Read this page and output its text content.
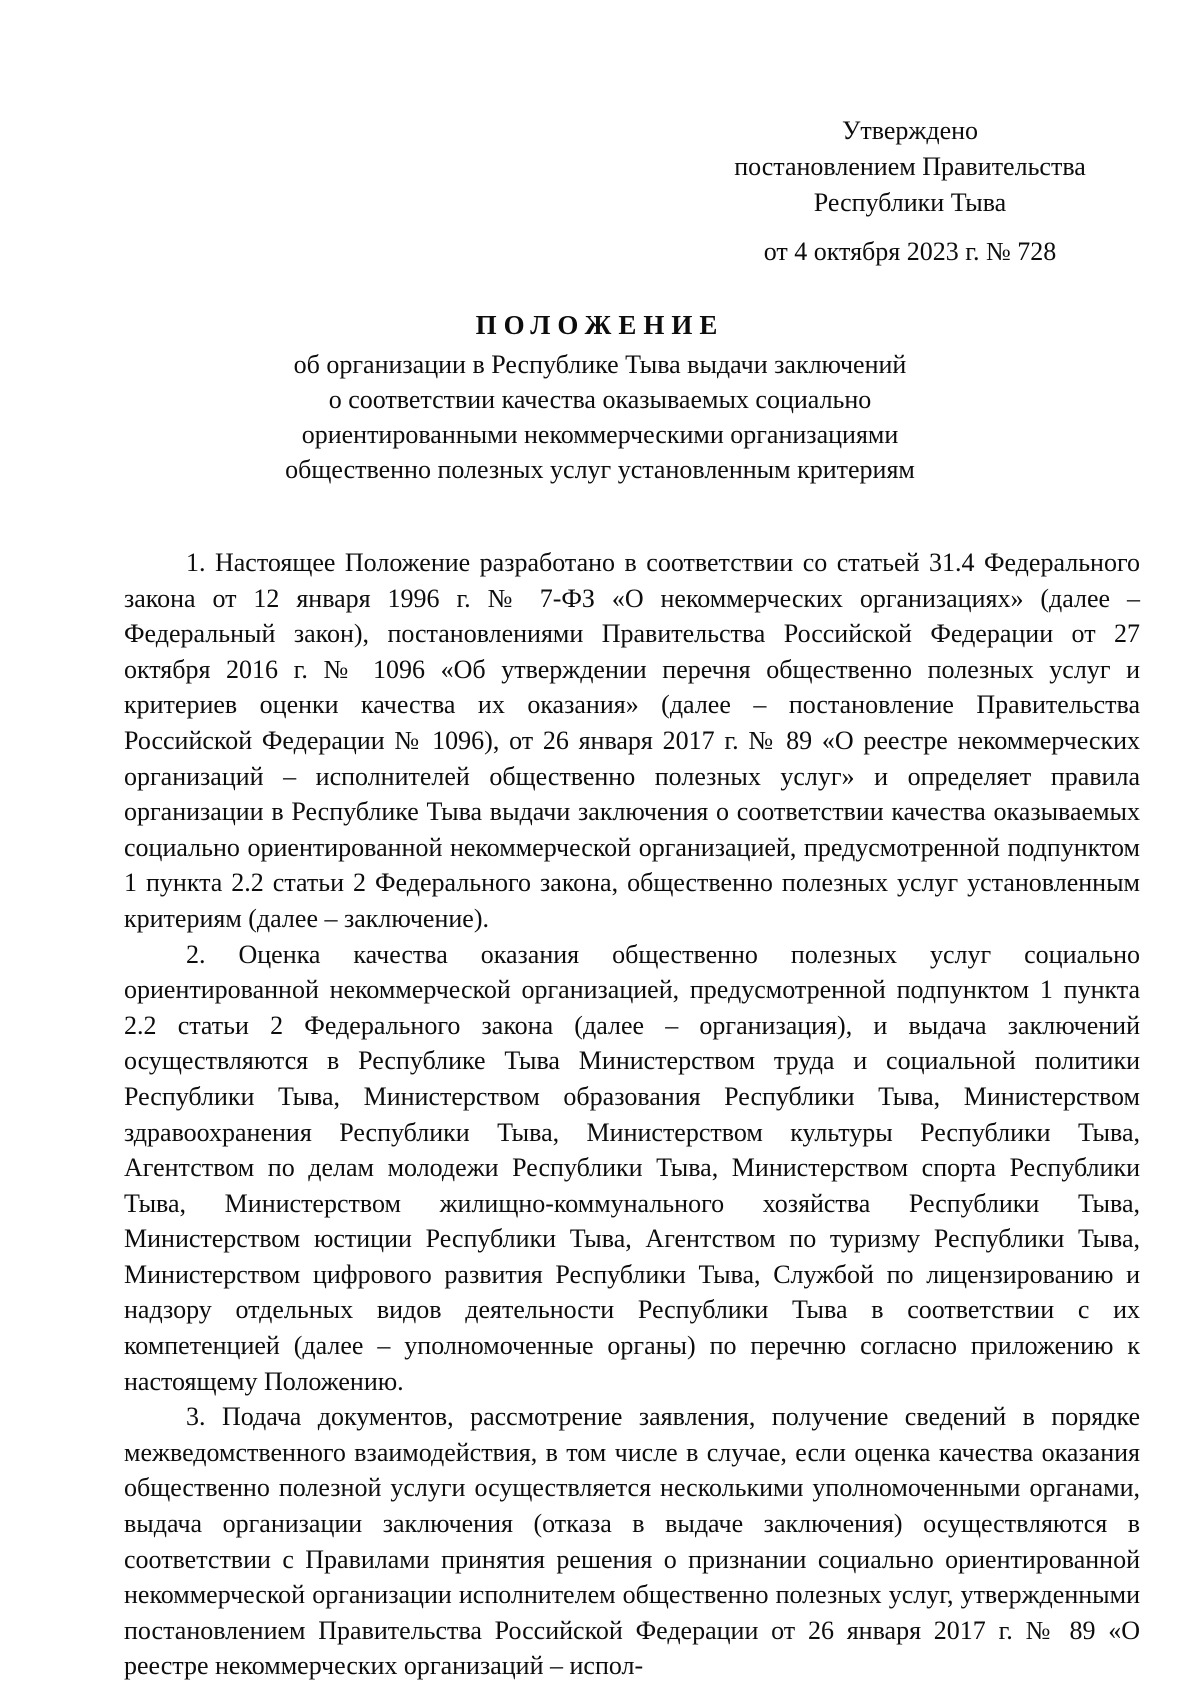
Утверждено
постановлением Правительства
Республики Тыва
от 4 октября 2023 г. № 728
ПОЛОЖЕНИЕ
об организации в Республике Тыва выдачи заключений
о соответствии качества оказываемых социально
ориентированными некоммерческими организациями
общественно полезных услуг установленным критериям

1. Настоящее Положение разработано в соответствии со статьей 31.4 Федерального закона от 12 января 1996 г. № 7-ФЗ «О некоммерческих организациях» (далее – Федеральный закон), постановлениями Правительства Российской Федерации от 27 октября 2016 г. № 1096 «Об утверждении перечня общественно полезных услуг и критериев оценки качества их оказания» (далее – постановление Правительства Российской Федерации № 1096), от 26 января 2017 г. № 89 «О реестре некоммерческих организаций – исполнителей общественно полезных услуг» и определяет правила организации в Республике Тыва выдачи заключения о соответствии качества оказываемых социально ориентированной некоммерческой организацией, предусмотренной подпунктом 1 пункта 2.2 статьи 2 Федерального закона, общественно полезных услуг установленным критериям (далее – заключение).

2. Оценка качества оказания общественно полезных услуг социально ориентированной некоммерческой организацией, предусмотренной подпунктом 1 пункта 2.2 статьи 2 Федерального закона (далее – организация), и выдача заключений осуществляются в Республике Тыва Министерством труда и социальной политики Республики Тыва, Министерством образования Республики Тыва, Министерством здравоохранения Республики Тыва, Министерством культуры Республики Тыва, Агентством по делам молодежи Республики Тыва, Министерством спорта Республики Тыва, Министерством жилищно-коммунального хозяйства Республики Тыва, Министерством юстиции Республики Тыва, Агентством по туризму Республики Тыва, Министерством цифрового развития Республики Тыва, Службой по лицензированию и надзору отдельных видов деятельности Республики Тыва в соответствии с их компетенцией (далее – уполномоченные органы) по перечню согласно приложению к настоящему Положению.

3. Подача документов, рассмотрение заявления, получение сведений в порядке межведомственного взаимодействия, в том числе в случае, если оценка качества оказания общественно полезной услуги осуществляется несколькими уполномоченными органами, выдача организации заключения (отказа в выдаче заключения) осуществляются в соответствии с Правилами принятия решения о признании социально ориентированной некоммерческой организации исполнителем общественно полезных услуг, утвержденными постановлением Правительства Российской Федерации от 26 января 2017 г. № 89 «О реестре некоммерческих организаций – испол-
